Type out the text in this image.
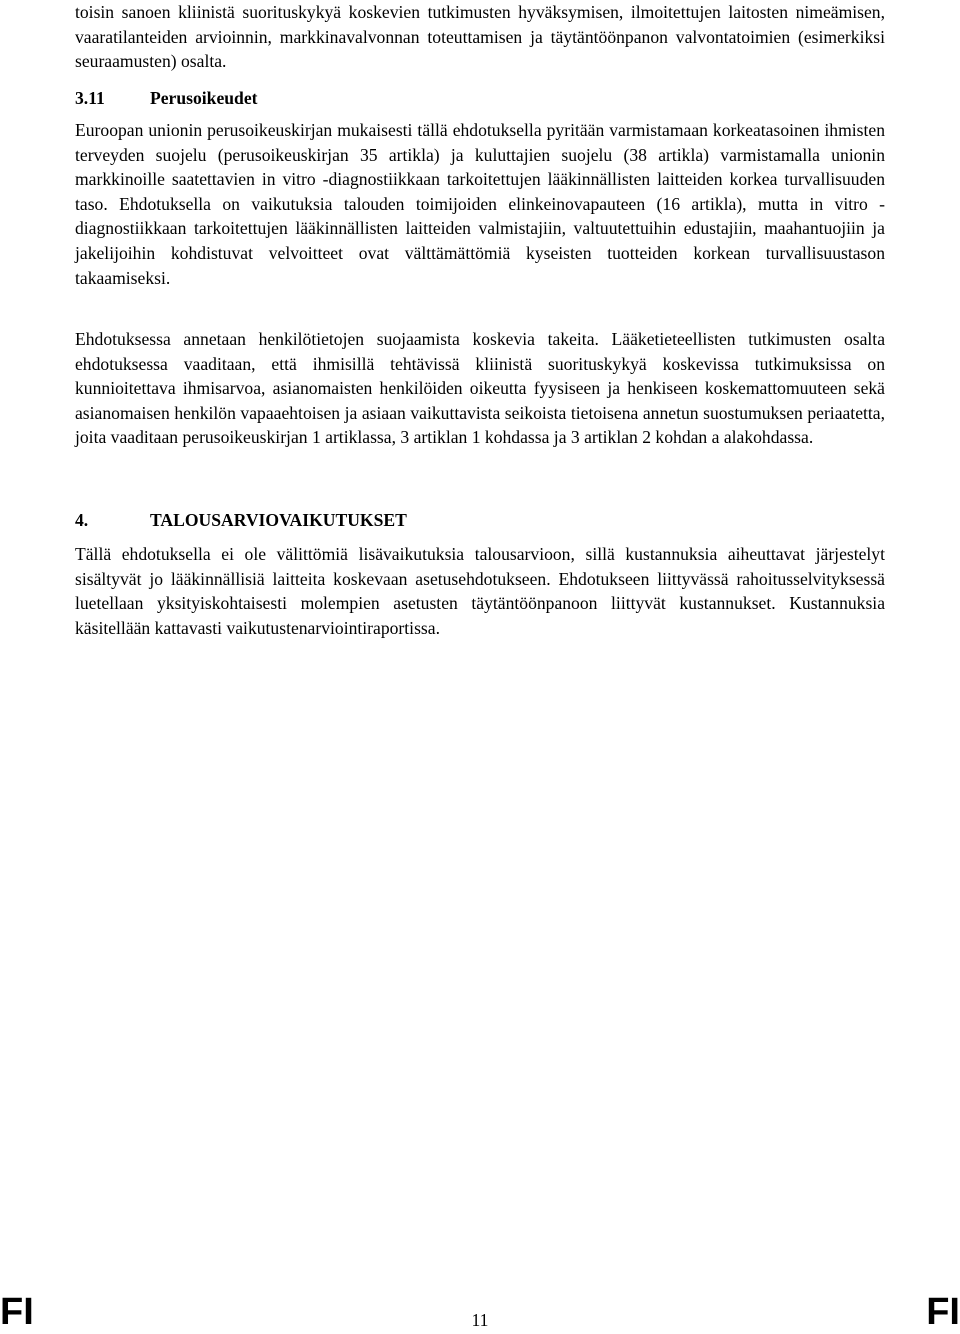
toisin sanoen kliinistä suorituskykyä koskevien tutkimusten hyväksymisen, ilmoitettujen laitosten nimeämisen, vaaratilanteiden arvioinnin, markkinavalvonnan toteuttamisen ja täytäntöönpanon valvontatoimien (esimerkiksi seuraamusten) osalta.

3.11	Perusoikeudet

Euroopan unionin perusoikeuskirjan mukaisesti tällä ehdotuksella pyritään varmistamaan korkeatasoinen ihmisten terveyden suojelu (perusoikeuskirjan 35 artikla) ja kuluttajien suojelu (38 artikla) varmistamalla unionin markkinoille saatettavien in vitro -diagnostiikkaan tarkoitettujen lääkinnällisten laitteiden korkea turvallisuuden taso. Ehdotuksella on vaikutuksia talouden toimijoiden elinkeinovapauteen (16 artikla), mutta in vitro -diagnostiikkaan tarkoitettujen lääkinnällisten laitteiden valmistajiin, valtuutettuihin edustajiin, maahantuojiin ja jakelijoihin kohdistuvat velvoitteet ovat välttämättömiä kyseisten tuotteiden korkean turvallisuustason takaamiseksi.

Ehdotuksessa annetaan henkilötietojen suojaamista koskevia takeita. Lääketieteellisten tutkimusten osalta ehdotuksessa vaaditaan, että ihmisillä tehtävissä kliinistä suorituskykyä koskevissa tutkimuksissa on kunnioitettava ihmisarvoa, asianomaisten henkilöiden oikeutta fyysiseen ja henkiseen koskemattomuuteen sekä asianomaisen henkilön vapaaehtoisen ja asiaan vaikuttavista seikoista tietoisena annetun suostumuksen periaatetta, joita vaaditaan perusoikeuskirjan 1 artiklassa, 3 artiklan 1 kohdassa ja 3 artiklan 2 kohdan a alakohdassa.

4.	TALOUSARVIOVAIKUTUKSET

Tällä ehdotuksella ei ole välittömiä lisävaikutuksia talousarvioon, sillä kustannuksia aiheuttavat järjestelyt sisältyvät jo lääkinnällisiä laitteita koskevaan asetusehdotukseen. Ehdotukseen liittyvässä rahoitusselvityksessä luetellaan yksityiskohtaisesti molempien asetusten täytäntöönpanoon liittyvät kustannukset. Kustannuksia käsitellään kattavasti vaikutustenarviointiraportissa.

FI	11	FI
